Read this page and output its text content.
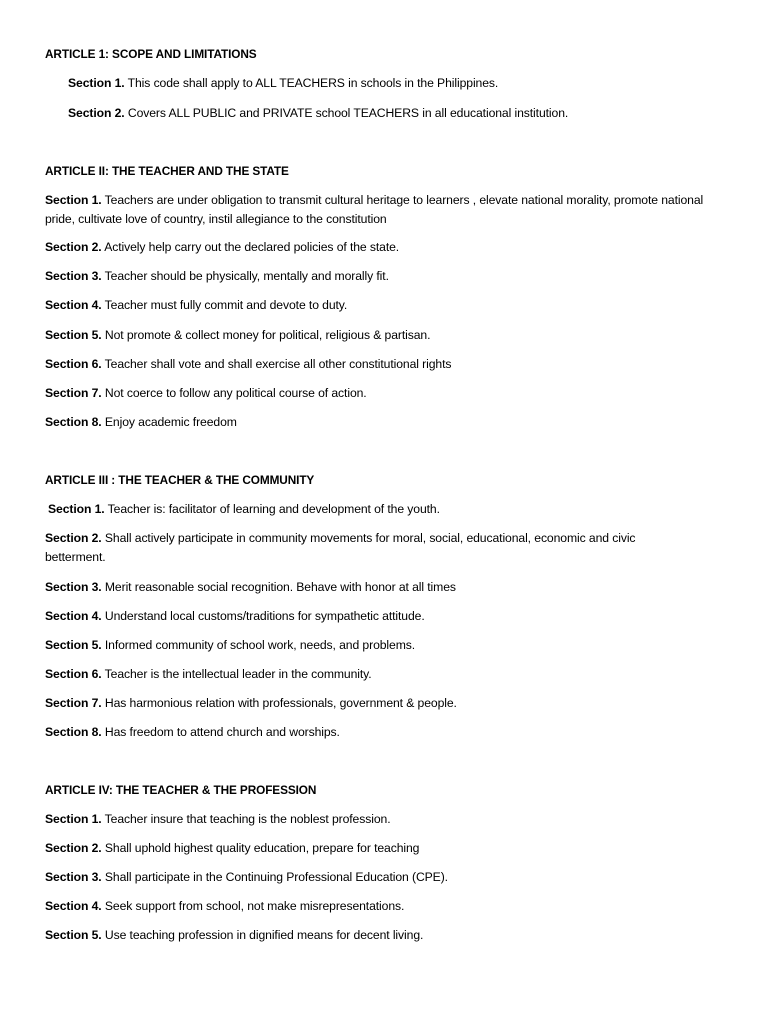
ARTICLE 1: SCOPE AND LIMITATIONS
Section 1. This code shall apply to ALL TEACHERS in schools in the Philippines.
Section 2. Covers ALL PUBLIC and PRIVATE school TEACHERS in all educational institution.
ARTICLE II: THE TEACHER AND THE STATE
Section 1. Teachers are under obligation to transmit cultural heritage to learners , elevate national morality, promote national pride, cultivate love of country, instil allegiance to the constitution
Section 2. Actively help carry out the declared policies of the state.
Section 3. Teacher should be physically, mentally and morally fit.
Section 4. Teacher must fully commit and devote to duty.
Section 5. Not promote & collect money for political, religious & partisan.
Section 6. Teacher shall vote and shall exercise all other constitutional rights
Section 7. Not coerce to follow any political course of action.
Section 8. Enjoy academic freedom
ARTICLE III : THE TEACHER & THE COMMUNITY
Section 1. Teacher is: facilitator of learning and development of the youth.
Section 2. Shall actively participate in community movements for moral, social, educational, economic and civic betterment.
Section 3. Merit reasonable social recognition. Behave with honor at all times
Section 4. Understand local customs/traditions for sympathetic attitude.
Section 5. Informed community of school work, needs, and problems.
Section 6. Teacher is the intellectual leader in the community.
Section 7. Has harmonious relation with professionals, government & people.
Section 8. Has freedom to attend church and worships.
ARTICLE IV: THE TEACHER & THE PROFESSION
Section 1. Teacher insure that teaching is the noblest profession.
Section 2. Shall uphold highest quality education, prepare for teaching
Section 3. Shall participate in the Continuing Professional Education (CPE).
Section 4. Seek support from school, not make misrepresentations.
Section 5. Use teaching profession in dignified means for decent living.
